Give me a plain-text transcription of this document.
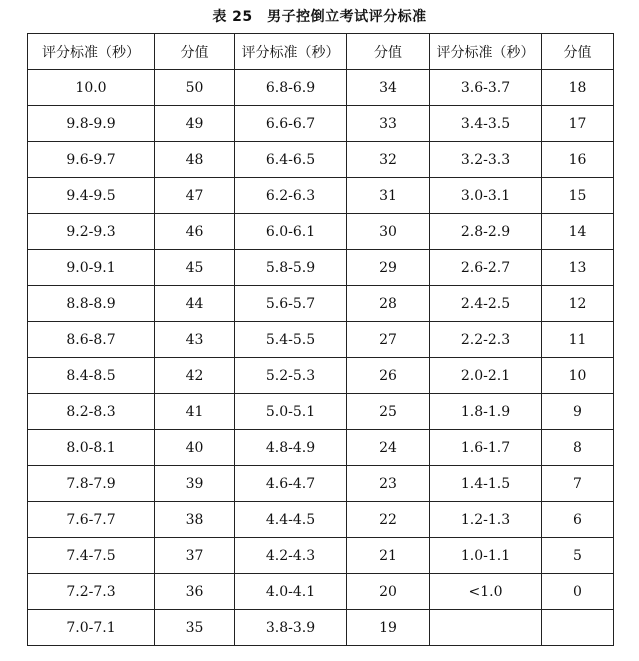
表 25　男子控倒立考试评分标准
评分标准（秒）	分值	评分标准（秒）	分值	评分标准（秒）	分值
10.0	50	6.8-6.9	34	3.6-3.7	18
9.8-9.9	49	6.6-6.7	33	3.4-3.5	17
9.6-9.7	48	6.4-6.5	32	3.2-3.3	16
9.4-9.5	47	6.2-6.3	31	3.0-3.1	15
9.2-9.3	46	6.0-6.1	30	2.8-2.9	14
9.0-9.1	45	5.8-5.9	29	2.6-2.7	13
8.8-8.9	44	5.6-5.7	28	2.4-2.5	12
8.6-8.7	43	5.4-5.5	27	2.2-2.3	11
8.4-8.5	42	5.2-5.3	26	2.0-2.1	10
8.2-8.3	41	5.0-5.1	25	1.8-1.9	9
8.0-8.1	40	4.8-4.9	24	1.6-1.7	8
7.8-7.9	39	4.6-4.7	23	1.4-1.5	7
7.6-7.7	38	4.4-4.5	22	1.2-1.3	6
7.4-7.5	37	4.2-4.3	21	1.0-1.1	5
7.2-7.3	36	4.0-4.1	20	<1.0	0
7.0-7.1	35	3.8-3.9	19		
